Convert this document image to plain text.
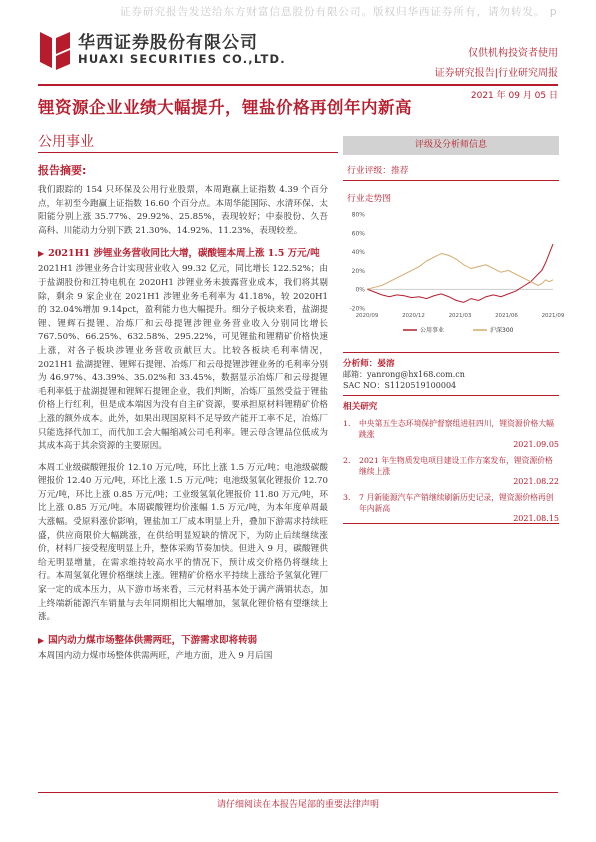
证券研究报告发送给东方财富信息股份有限公司。版权归华西证券所有，请勿转发。 p
华西证券股份有限公司
HUAXI SECURITIES CO.,LTD.	仅供机构投资者使用
证券研究报告|行业研究周报
2021 年 09 月 05 日
锂资源企业业绩大幅提升，锂盐价格再创年内新高
公用事业
报告摘要:
我们跟踪的 154 只环保及公用行业股票，本周跑赢上证指数 4.39 个百分点，年初至今跑赢上证指数 16.60 个百分点。本周华能国际、水清环保、太阳能分别上涨 35.77%、29.92%、25.85%，表现较好；中泰股份、久吾高科、川能动力分别下跌 21.30%、14.92%、11.23%，表现较差。
▶ 2021H1 涉锂业务营收同比大增，碳酸锂本周上涨 1.5 万元/吨
2021H1 涉锂业务合计实现营业收入 99.32 亿元，同比增长 122.52%；由于盐湖股份和江特电机在 2020H1 涉锂业务未披露营业成本，我们将其剔除，剩余 9 家企业在 2021H1 涉锂业务毛利率为 41.18%，较 2020H1 的 32.04%增加 9.14pct，盈利能力也大幅提升。细分子板块来看，盐湖提锂、锂辉石提锂、冶炼厂和云母提锂涉锂业务营业收入分别同比增长 767.50%、66.25%、632.58%、295.22%，可见锂盐和锂精矿价格快速上涨，对各子板块涉锂业务营收贡献巨大。比较各板块毛利率情况，2021H1 盐湖提锂、锂辉石提锂、冶炼厂和云母提锂涉锂业务的毛利率分别为 46.97%、43.39%、35.02%和 33.45%，数据显示冶炼厂和云母提锂毛利率低于盐湖提锂和锂辉石提锂企业，我们判断，冶炼厂虽然受益于锂盐价格上行红利，但是成本端因为没有自主矿资源，要承担原材料锂精矿价格上涨的额外成本。此外，如果出现国原料不足导致产能开工率不足，冶炼厂只能选择代加工，而代加工会大幅缩减公司毛利率。锂云母含锂品位低成为其成本高于其余资源的主要原因。
本周工业级碳酸锂报价 12.10 万元/吨，环比上涨 1.5 万元/吨；电池级碳酸锂报价 12.40 万元/吨，环比上涨 1.5 万元/吨；电池级氢氧化锂报价 12.70 万元/吨，环比上涨 0.85 万元/吨；工业级氢氧化锂报价 11.80 万元/吨，环比上涨 0.85 万元/吨。本周碳酸锂均价涨幅 1.5 万元/吨，为本年度单周最大涨幅。受原料涨价影响，锂盐加工厂成本明显上升，叠加下游需求持续旺盛，供应商限价大幅跳涨，在供给明显短缺的情况下，为防止后续继续涨价，材料厂接受程度明显上升，整体采购节奏加快。但进入 9 月，碳酸锂供给无明显增量，在需求维持较高水平的情况下，预计成交价格仍将继续上行。本周氢氧化锂价格继续上涨。锂精矿价格水平持续上涨给予氢氧化锂厂家一定的成本压力，从下游市场来看，三元材料基本处于满产满销状态，加上终端新能源汽车销量与去年同期相比大幅增加，氢氧化锂价格有望继续上涨。
▶ 国内动力煤市场整体供需两旺，下游需求即将转弱
本周国内动力煤市场整体供需两旺，产地方面，进入 9 月后国
评级及分析师信息
行业评级：推荐
行业走势图
80%
60%
40%
20%
0%
-20%
2020/09	2020/12	2021/03	2021/06	2021/09
公用事业	沪深300
分析师：晏溶
邮箱：yanrong@hx168.com.cn
SAC NO：S1120519100004
相关研究
1.	中央第五生态环境保护督察组进驻四川，锂资源价格大幅跳涨
2021.09.05
2.	2021 年生物质发电项目建设工作方案发布，锂资源价格继续上涨
2021.08.22
3.	7 月新能源汽车产销继续刷新历史记录，锂资源价格再创年内新高
2021.08.15
请仔细阅读在本报告尾部的重要法律声明
